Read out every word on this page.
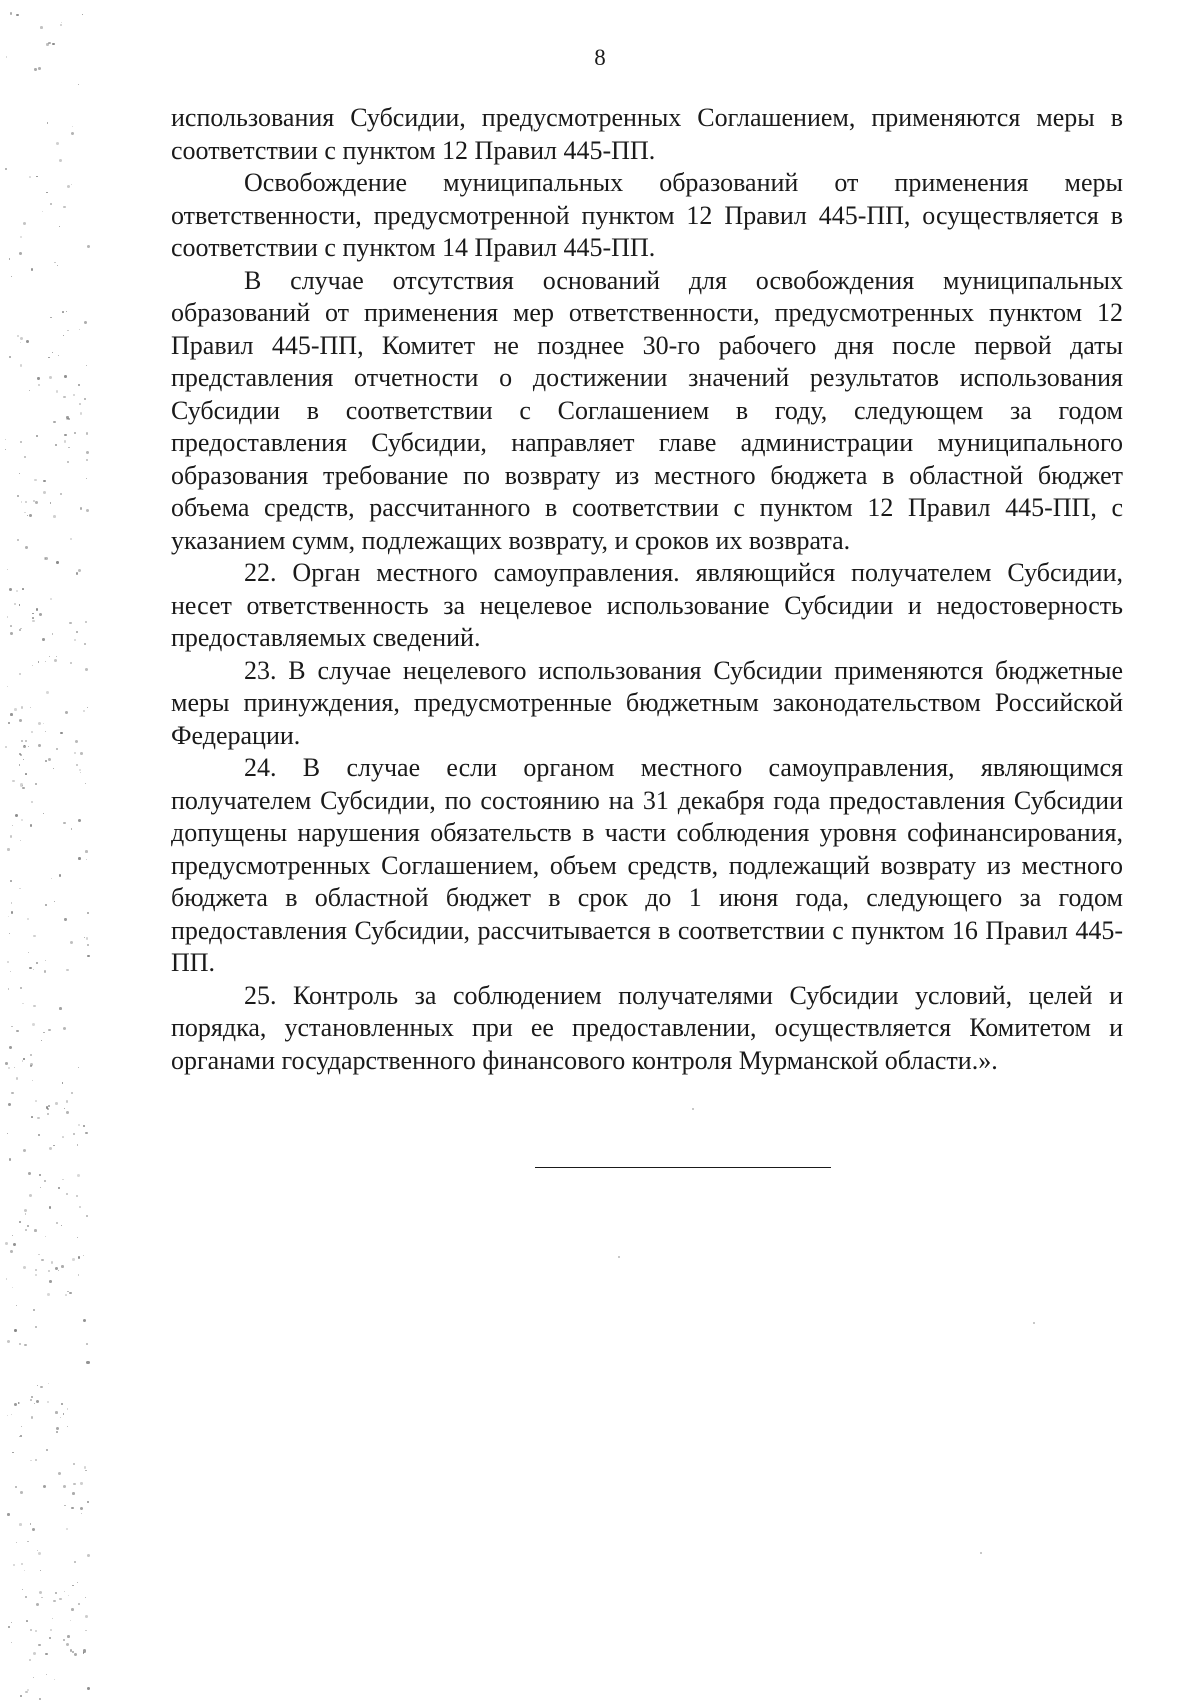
8

использования Субсидии, предусмотренных Соглашением, применяются меры в соответствии с пунктом 12 Правил 445-ПП.

Освобождение муниципальных образований от применения меры ответственности, предусмотренной пунктом 12 Правил 445-ПП, осуществляется в соответствии с пунктом 14 Правил 445-ПП.

В случае отсутствия оснований для освобождения муниципальных образований от применения мер ответственности, предусмотренных пунктом 12 Правил 445-ПП, Комитет не позднее 30-го рабочего дня после первой даты представления отчетности о достижении значений результатов использования Субсидии в соответствии с Соглашением в году, следующем за годом предоставления Субсидии, направляет главе администрации муниципального образования требование по возврату из местного бюджета в областной бюджет объема средств, рассчитанного в соответствии с пунктом 12 Правил 445-ПП, с указанием сумм, подлежащих возврату, и сроков их возврата.

22. Орган местного самоуправления. являющийся получателем Субсидии, несет ответственность за нецелевое использование Субсидии и недостоверность предоставляемых сведений.

23. В случае нецелевого использования Субсидии применяются бюджетные меры принуждения, предусмотренные бюджетным законодательством Российской Федерации.

24. В случае если органом местного самоуправления, являющимся получателем Субсидии, по состоянию на 31 декабря года предоставления Субсидии допущены нарушения обязательств в части соблюдения уровня софинансирования, предусмотренных Соглашением, объем средств, подлежащий возврату из местного бюджета в областной бюджет в срок до 1 июня года, следующего за годом предоставления Субсидии, рассчитывается в соответствии с пунктом 16 Правил 445-ПП.

25. Контроль за соблюдением получателями Субсидии условий, целей и порядка, установленных при ее предоставлении, осуществляется Комитетом и органами государственного финансового контроля Мурманской области.».
